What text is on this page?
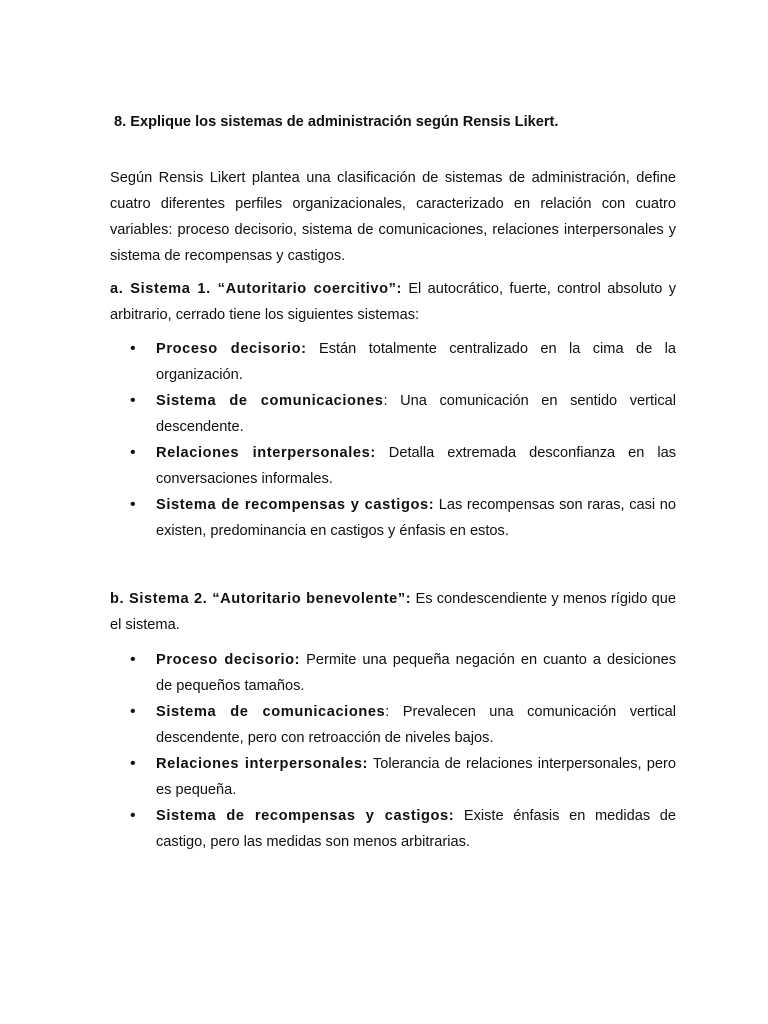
8. Explique los sistemas de administración según Rensis Likert.

Según Rensis Likert plantea una clasificación de sistemas de administración, define cuatro diferentes perfiles organizacionales, caracterizado en relación con cuatro variables: proceso decisorio, sistema de comunicaciones, relaciones interpersonales y sistema de recompensas y castigos.

a. Sistema 1. “Autoritario coercitivo”: El autocrático, fuerte, control absoluto y arbitrario, cerrado tiene los siguientes sistemas:

• Proceso decisorio: Están totalmente centralizado en la cima de la organización.
• Sistema de comunicaciones: Una comunicación en sentido vertical descendente.
• Relaciones interpersonales: Detalla extremada desconfianza en las conversaciones informales.
• Sistema de recompensas y castigos: Las recompensas son raras, casi no existen, predominancia en castigos y énfasis en estos.

b. Sistema 2. “Autoritario benevolente”: Es condescendiente y menos rígido que el sistema.

• Proceso decisorio: Permite una pequeña negación en cuanto a desiciones de pequeños tamaños.
• Sistema de comunicaciones: Prevalecen una comunicación vertical descendente, pero con retroacción de niveles bajos.
• Relaciones interpersonales: Tolerancia de relaciones interpersonales, pero es pequeña.
• Sistema de recompensas y castigos: Existe énfasis en medidas de castigo, pero las medidas son menos arbitrarias.
